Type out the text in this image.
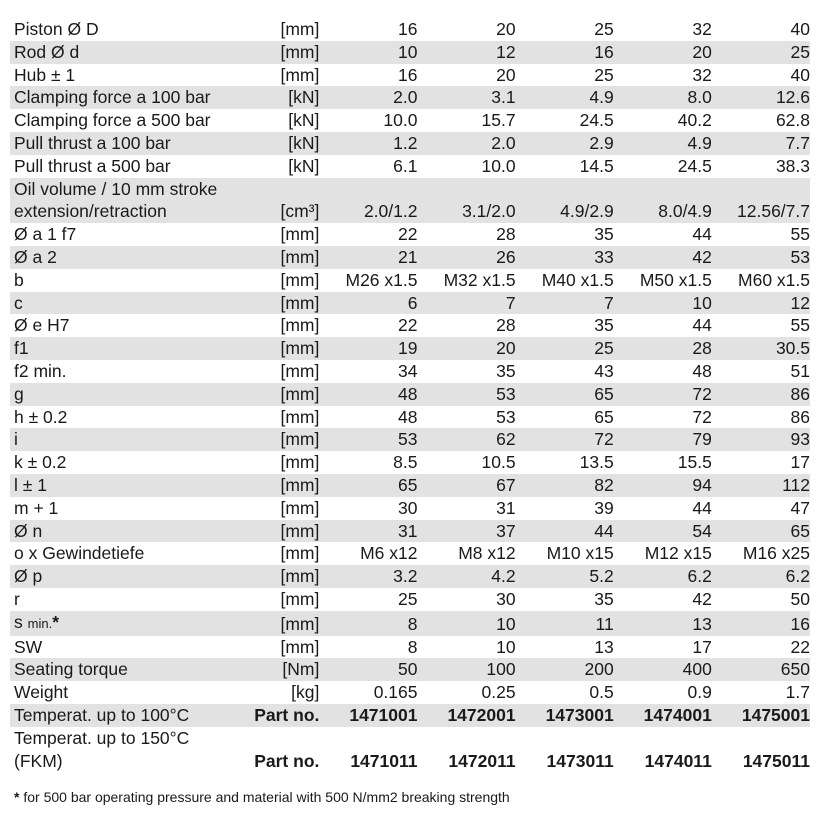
Piston Ø D	[mm]	16	20	25	32	40
Rod Ø d	[mm]	10	12	16	20	25
Hub ± 1	[mm]	16	20	25	32	40
Clamping force a 100 bar	[kN]	2.0	3.1	4.9	8.0	12.6
Clamping force a 500 bar	[kN]	10.0	15.7	24.5	40.2	62.8
Pull thrust a 100 bar	[kN]	1.2	2.0	2.9	4.9	7.7
Pull thrust a 500 bar	[kN]	6.1	10.0	14.5	24.5	38.3

Oil volume / 10 mm stroke
extension/retraction	[cm³]	2.0/1.2	3.1/2.0	4.9/2.9	8.0/4.9	12.56/7.7
Ø a 1 f7	[mm]	22	28	35	44	55
Ø a 2	[mm]	21	26	33	42	53
b	[mm]	M26 x1.5	M32 x1.5	M40 x1.5	M50 x1.5	M60 x1.5
c	[mm]	6	7	7	10	12
Ø e H7	[mm]	22	28	35	44	55
f1	[mm]	19	20	25	28	30.5
f2 min.	[mm]	34	35	43	48	51
g	[mm]	48	53	65	72	86
h ± 0.2	[mm]	48	53	65	72	86
i	[mm]	53	62	72	79	93
k ± 0.2	[mm]	8.5	10.5	13.5	15.5	17
l ± 1	[mm]	65	67	82	94	112
m + 1	[mm]	30	31	39	44	47
Ø n	[mm]	31	37	44	54	65
o x Gewindetiefe	[mm]	M6 x12	M8 x12	M10 x15	M12 x15	M16 x25
Ø p	[mm]	3.2	4.2	5.2	6.2	6.2
r	[mm]	25	30	35	42	50
s min.*	[mm]	8	10	11	13	16
SW	[mm]	8	10	13	17	22
Seating torque	[Nm]	50	100	200	400	650
Weight	[kg]	0.165	0.25	0.5	0.9	1.7

Temperat. up to 100°C	Part no.	1471001	1472001	1473001	1474001	1475001

Temperat. up to 150°C
(FKM)	Part no.	1471011	1472011	1473011	1474011	1475011
* for 500 bar operating pressure and material with 500 N/mm2 breaking strength
